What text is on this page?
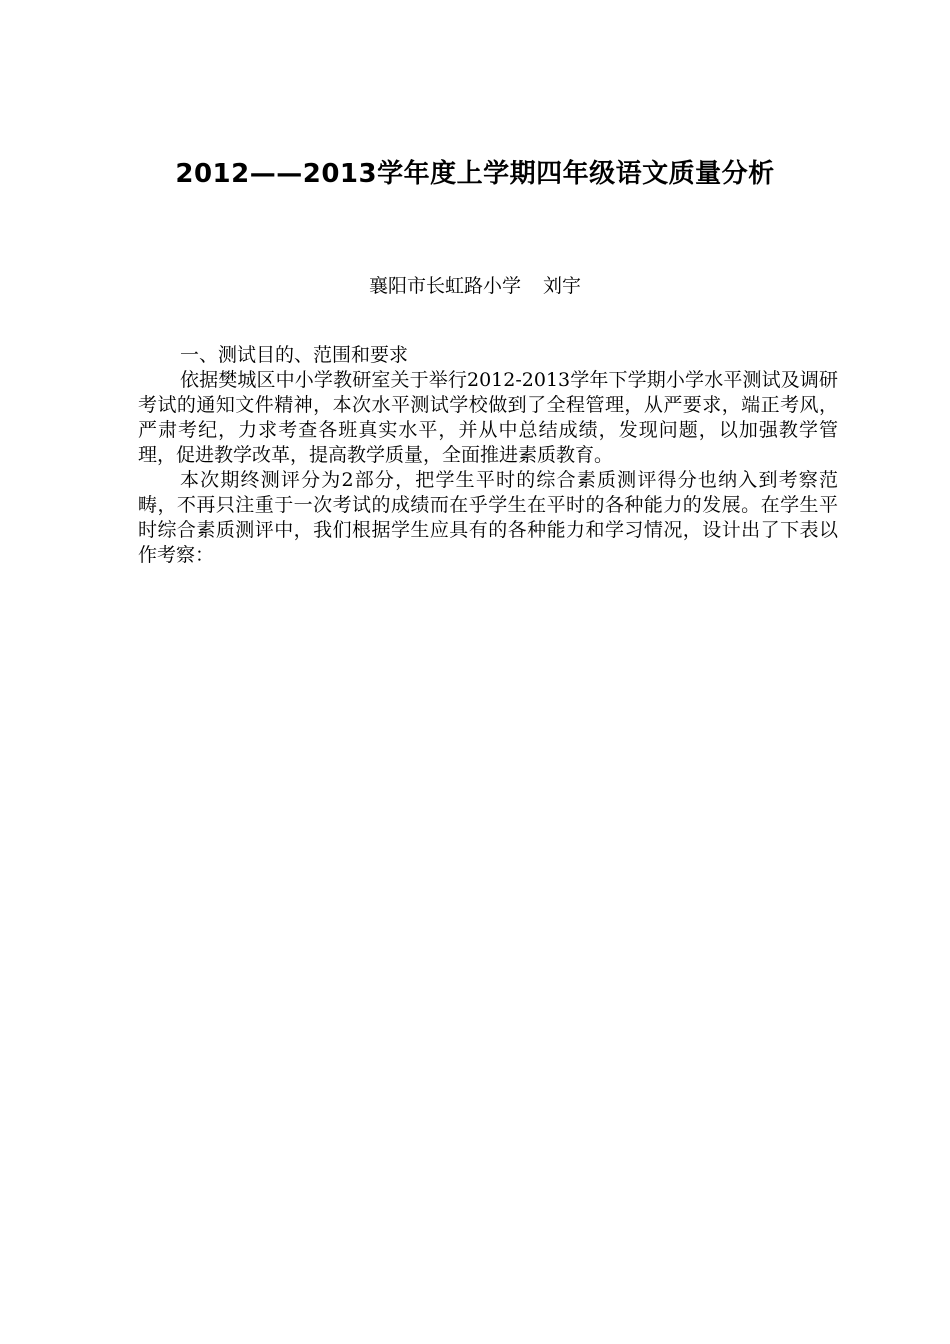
2012——2013学年度上学期四年级语文质量分析
襄阳市长虹路小学 刘宇

一、测试目的、范围和要求

依据樊城区中小学教研室关于举行2012-2013学年下学期小学水平测试及调研考试的通知文件精神，本次水平测试学校做到了全程管理，从严要求，端正考风，严肃考纪，力求考查各班真实水平，并从中总结成绩，发现问题，以加强教学管理，促进教学改革，提高教学质量，全面推进素质教育。

本次期终测评分为2部分，把学生平时的综合素质测评得分也纳入到考察范畴，不再只注重于一次考试的成绩而在乎学生在平时的各种能力的发展。在学生平时综合素质测评中，我们根据学生应具有的各种能力和学习情况，设计出了下表以作考察：
